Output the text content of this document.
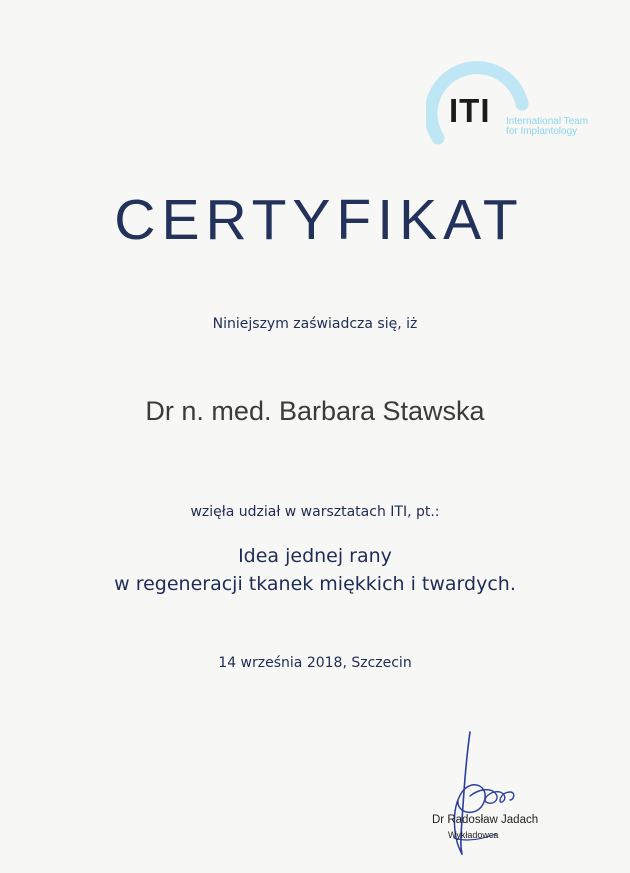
ITI International Team
for Implantology
CERTYFIKAT
Niniejszym zaświadcza się, iż
Dr n. med. Barbara Stawska
wzięła udział w warsztatach ITI, pt.:
Idea jednej rany
w regeneracji tkanek miękkich i twardych.
14 września 2018, Szczecin
Dr Radosław Jadach
Wykładowca
